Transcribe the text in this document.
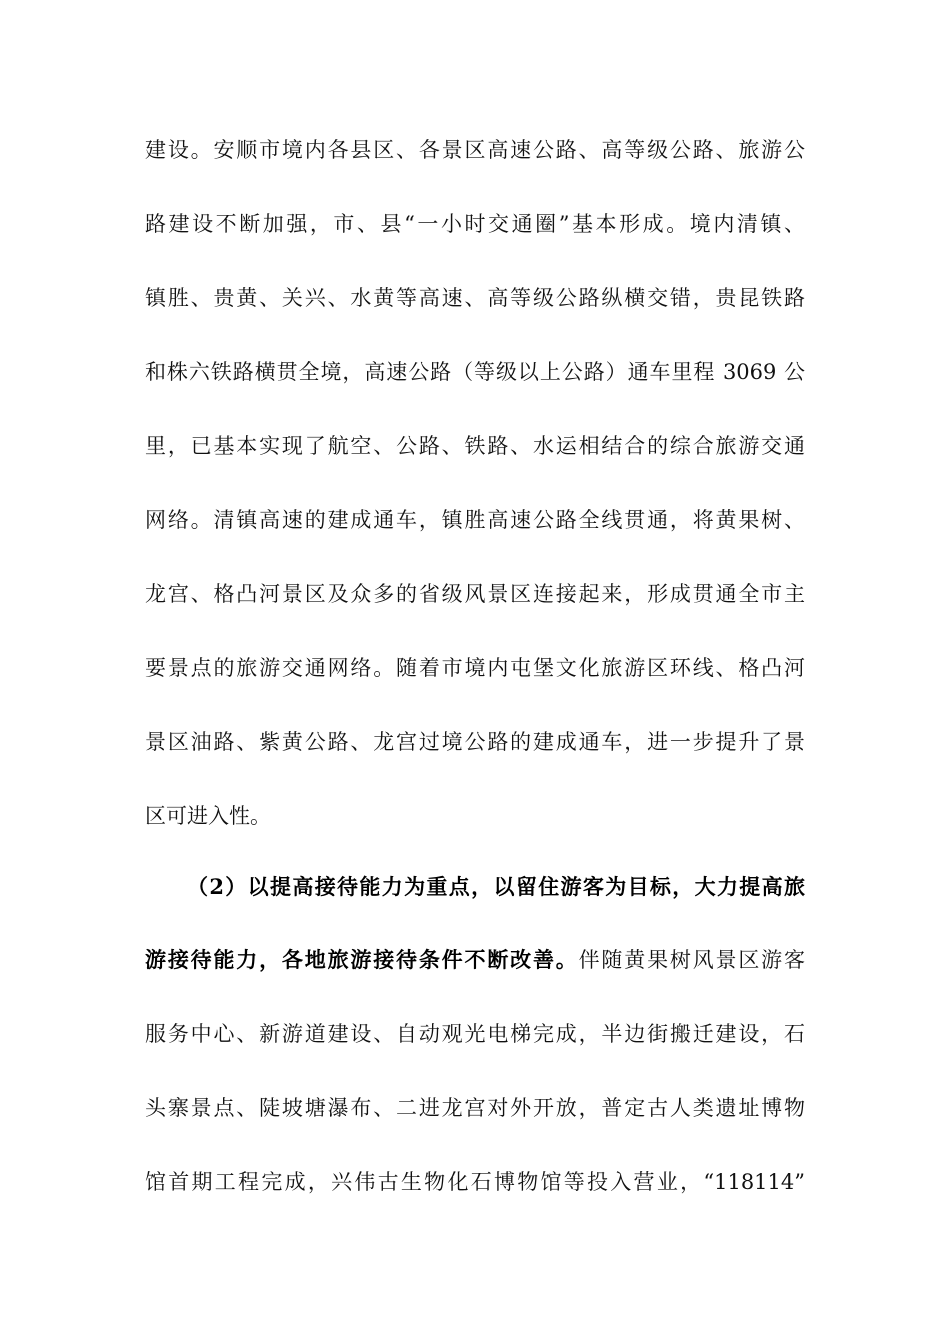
建设。安顺市境内各县区、各景区高速公路、高等级公路、旅游公
路建设不断加强，市、县“一小时交通圈”基本形成。境内清镇、
镇胜、贵黄、关兴、水黄等高速、高等级公路纵横交错，贵昆铁路
和株六铁路横贯全境，高速公路（等级以上公路）通车里程 3069 公
里，已基本实现了航空、公路、铁路、水运相结合的综合旅游交通
网络。清镇高速的建成通车，镇胜高速公路全线贯通，将黄果树、
龙宫、格凸河景区及众多的省级风景区连接起来，形成贯通全市主
要景点的旅游交通网络。随着市境内屯堡文化旅游区环线、格凸河
景区油路、紫黄公路、龙宫过境公路的建成通车，进一步提升了景
区可进入性。
（2）以提高接待能力为重点，以留住游客为目标，大力提高旅
游接待能力，各地旅游接待条件不断改善。伴随黄果树风景区游客
服务中心、新游道建设、自动观光电梯完成，半边街搬迁建设，石
头寨景点、陡坡塘瀑布、二进龙宫对外开放，普定古人类遗址博物
馆首期工程完成，兴伟古生物化石博物馆等投入营业，“118114”
